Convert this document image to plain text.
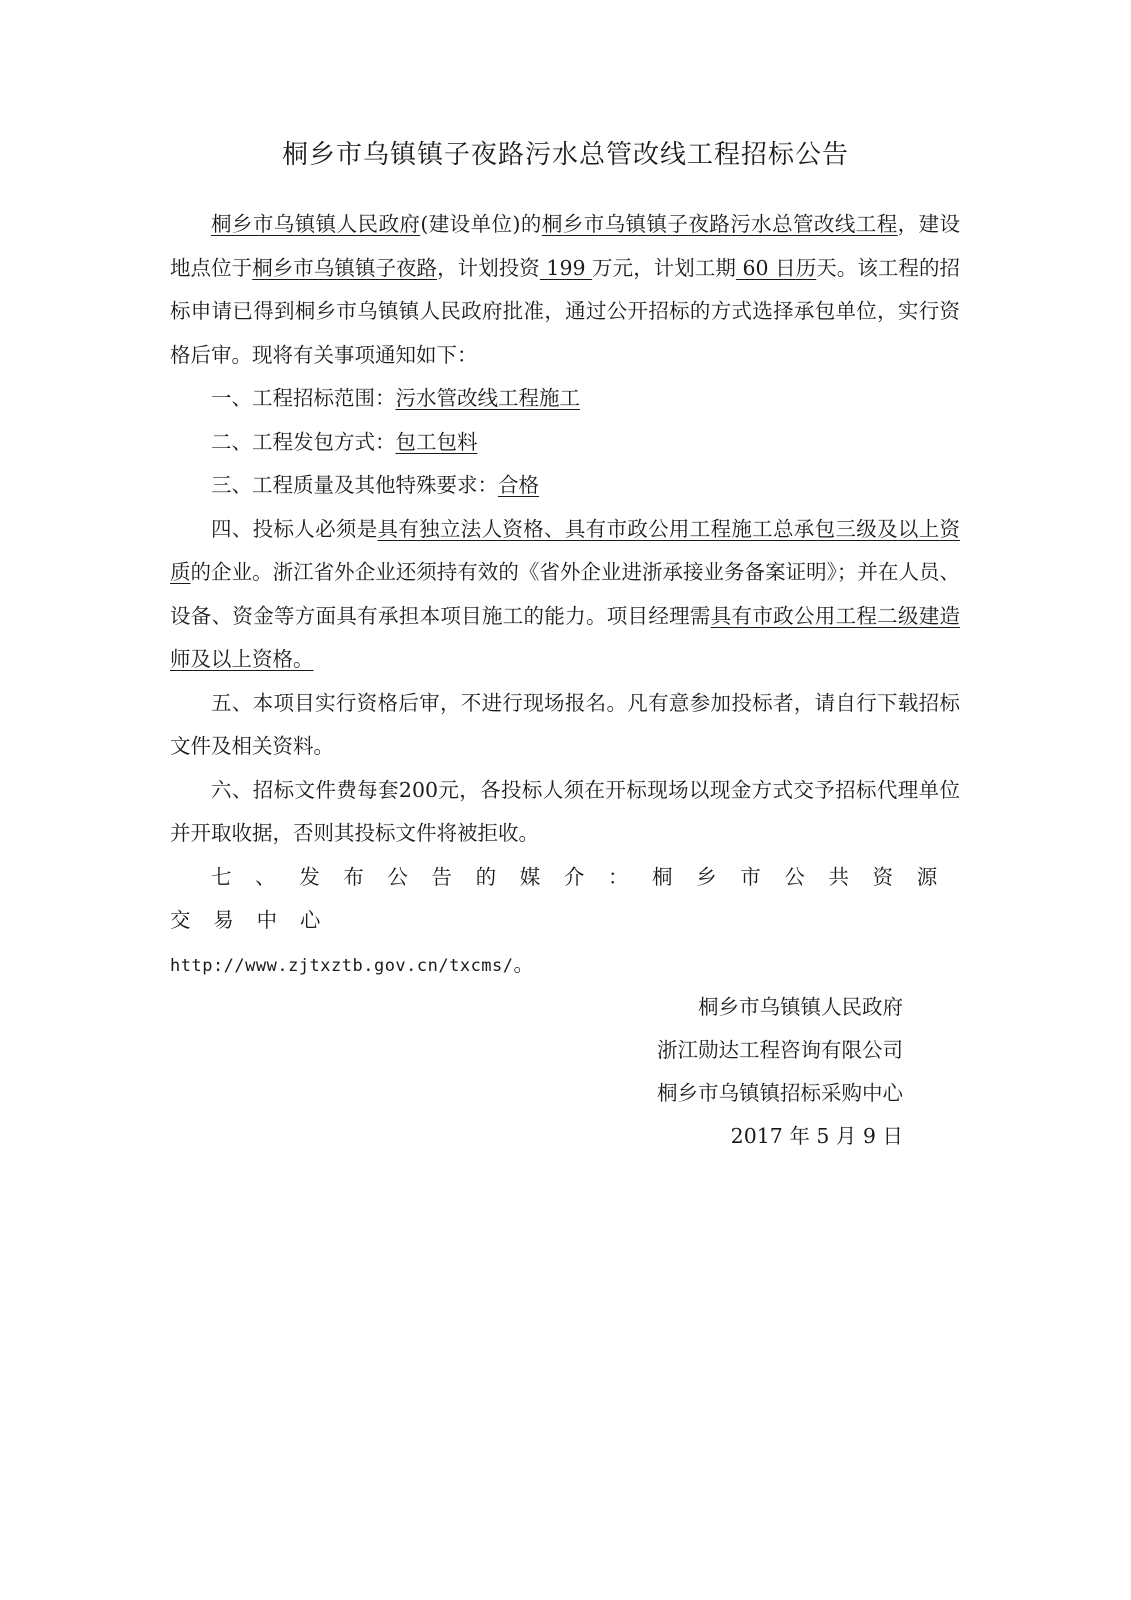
桐乡市乌镇镇子夜路污水总管改线工程招标公告

桐乡市乌镇镇人民政府(建设单位)的桐乡市乌镇镇子夜路污水总管改线工程，建设地点位于桐乡市乌镇镇子夜路，计划投资 199 万元，计划工期 60 日历天。该工程的招标申请已得到桐乡市乌镇镇人民政府批准，通过公开招标的方式选择承包单位，实行资格后审。现将有关事项通知如下：

一、工程招标范围：污水管改线工程施工

二、工程发包方式：包工包料

三、工程质量及其他特殊要求：合格

四、投标人必须是具有独立法人资格、具有市政公用工程施工总承包三级及以上资质的企业。浙江省外企业还须持有效的《省外企业进浙承接业务备案证明》；并在人员、设备、资金等方面具有承担本项目施工的能力。项目经理需具有市政公用工程二级建造师及以上资格。

五、本项目实行资格后审，不进行现场报名。凡有意参加投标者，请自行下载招标文件及相关资料。

六、招标文件费每套200元，各投标人须在开标现场以现金方式交予招标代理单位并开取收据，否则其投标文件将被拒收。

七、发布公告的媒介：桐乡市公共资源交易中心
http://www.zjtxztb.gov.cn/txcms/。

桐乡市乌镇镇人民政府
浙江勋达工程咨询有限公司
桐乡市乌镇镇招标采购中心
2017 年 5 月 9 日
